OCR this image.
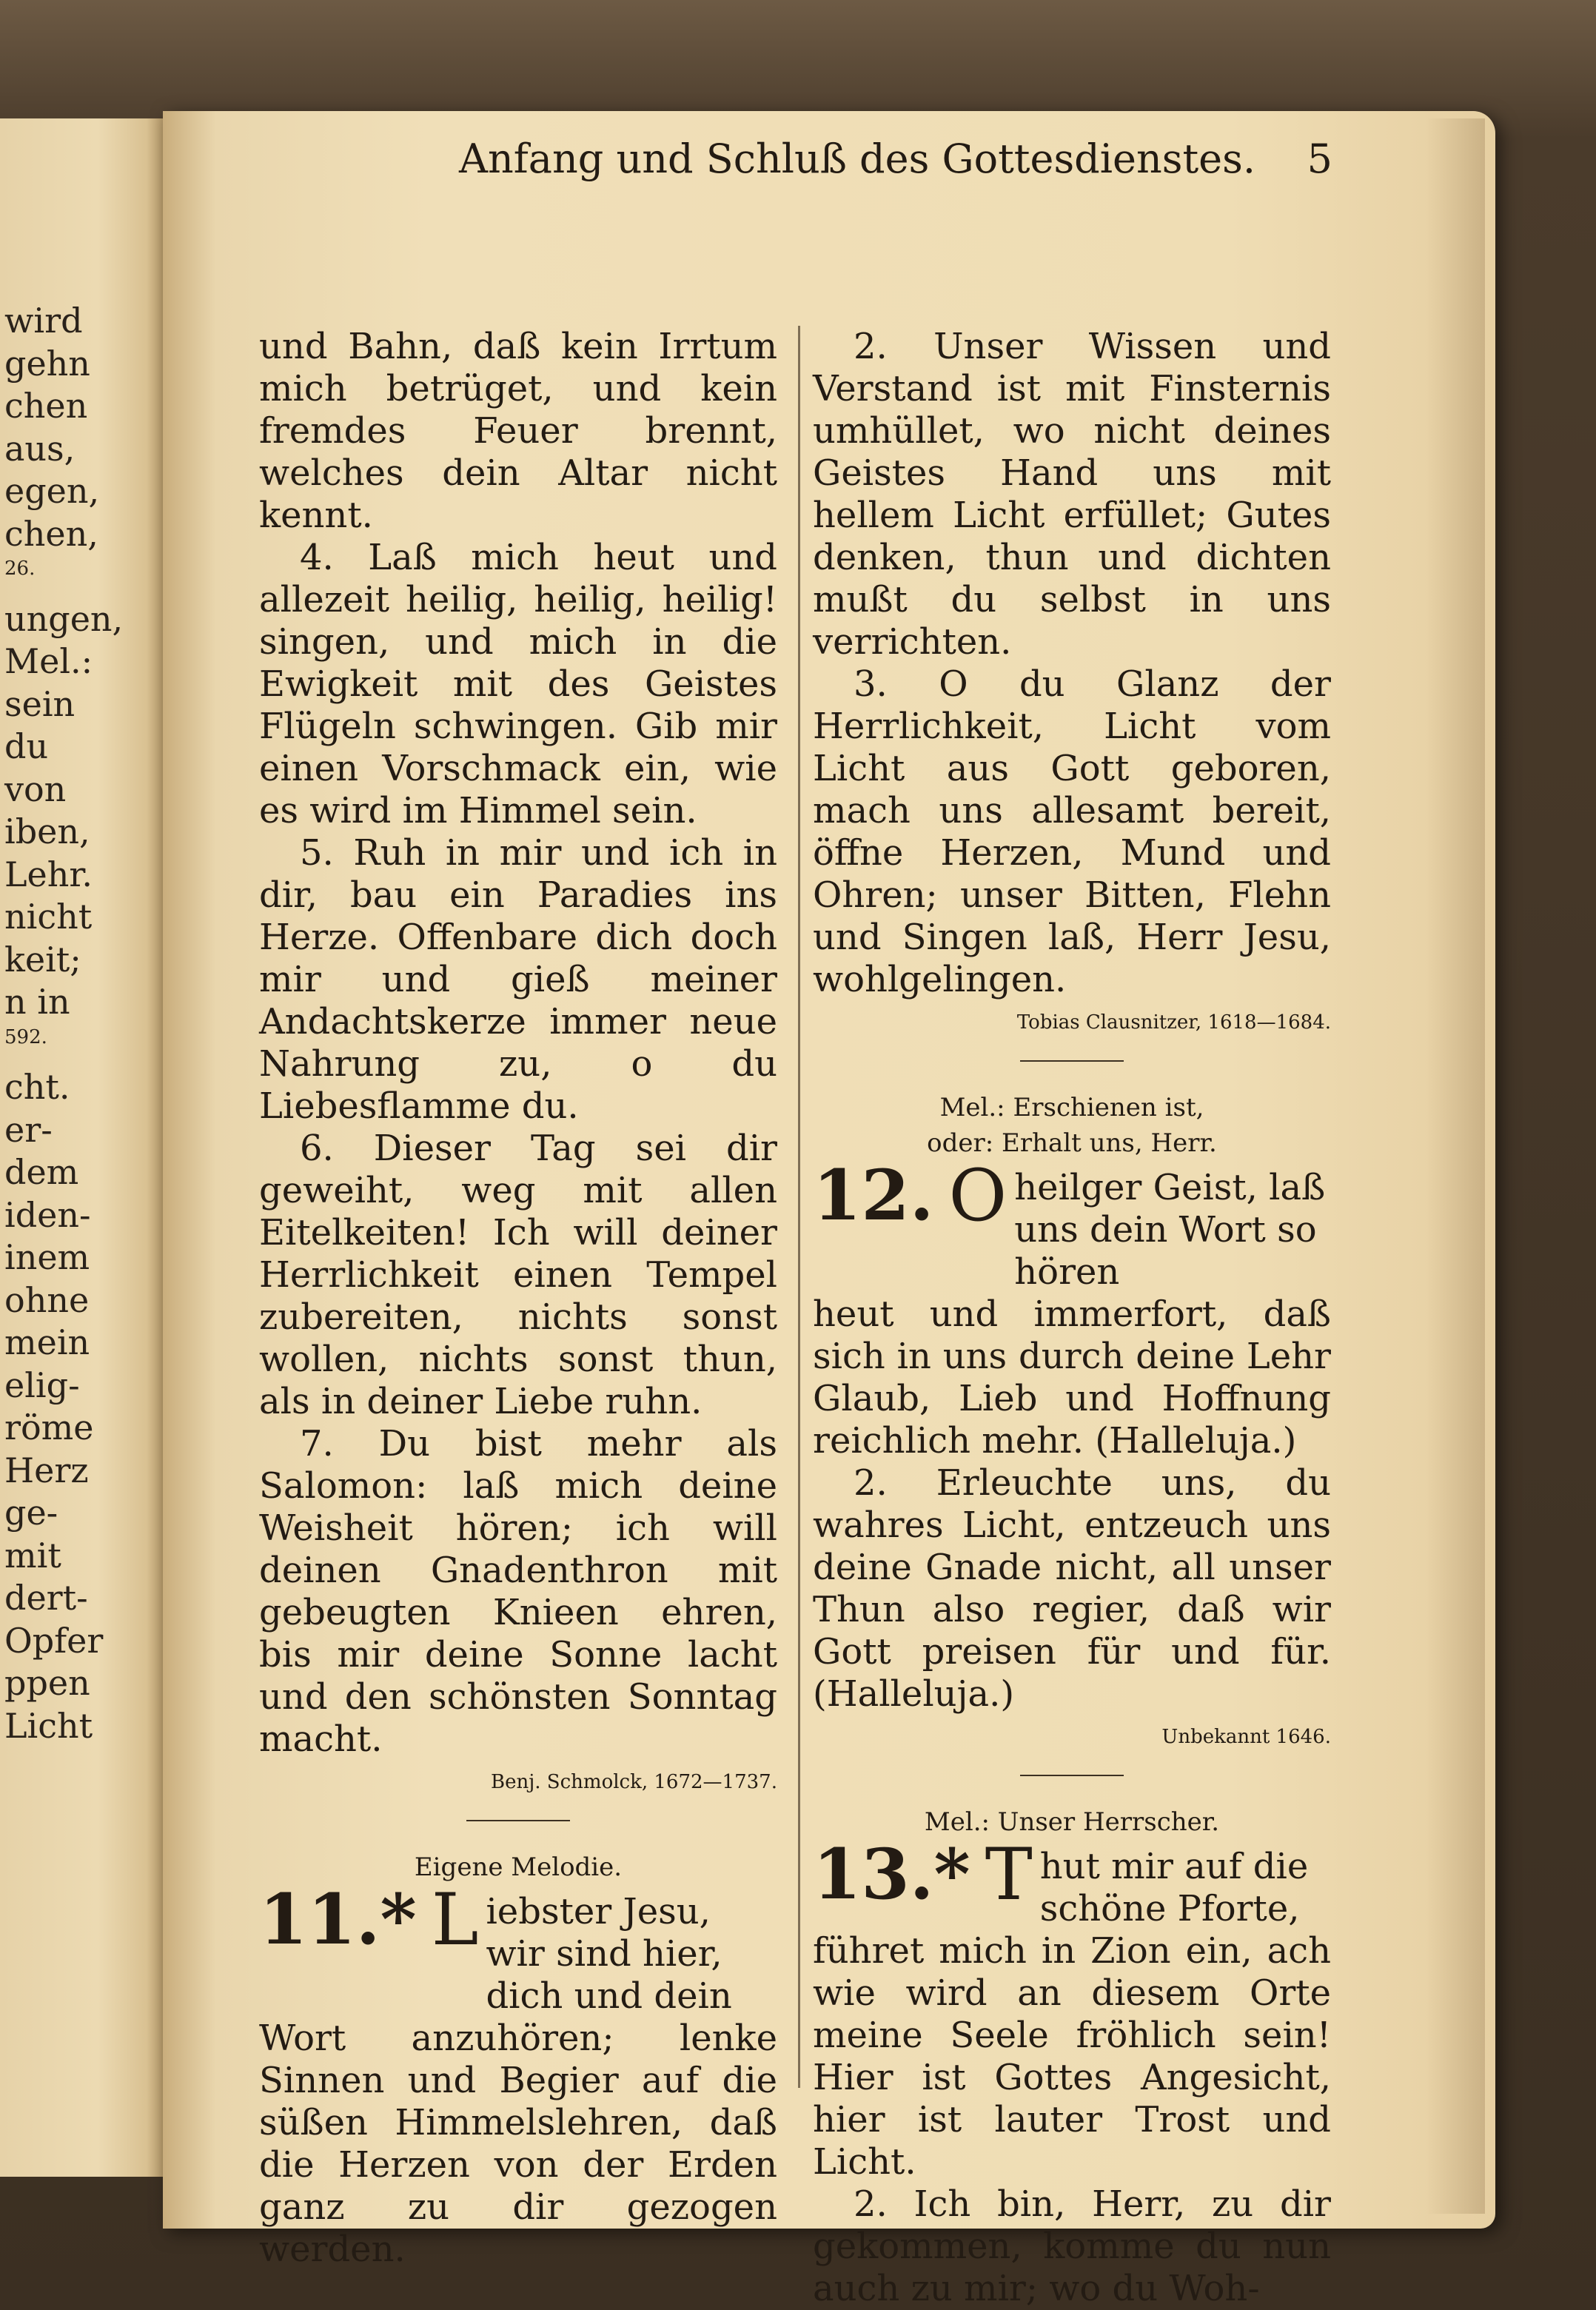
wird
gehn
chen
aus,
egen,
chen,
26.
ungen,
Mel.:
sein
du
von
iben,
Lehr.
nicht
keit;
n in
592.
cht.
er-
dem
iden-
inem
ohne
mein
elig-
röme
Herz
ge-
mit
dert-
Opfer
ppen
Licht
Anfang und Schluß des Gottesdienstes. 5

und Bahn, daß kein Irrtum mich betrüget, und kein fremdes Feuer brennt, welches dein Altar nicht kennt.

4. Laß mich heut und allezeit heilig, heilig, heilig! singen, und mich in die Ewigkeit mit des Geistes Flügeln schwingen. Gib mir einen Vorschmack ein, wie es wird im Himmel sein.

5. Ruh in mir und ich in dir, bau ein Paradies ins Herze. Offenbare dich doch mir und gieß meiner Andachtskerze immer neue Nahrung zu, o du Liebesflamme du.

6. Dieser Tag sei dir geweiht, weg mit allen Eitelkeiten! Ich will deiner Herrlichkeit einen Tempel zubereiten, nichts sonst wollen, nichts sonst thun, als in deiner Liebe ruhn.

7. Du bist mehr als Salomon: laß mich deine Weisheit hören; ich will deinen Gnadenthron mit gebeugten Knieen ehren, bis mir deine Sonne lacht und den schönsten Sonntag macht.

Benj. Schmolck, 1672—1737.

Eigene Melodie.

11.* L iebster Jesu, wir sind hier, dich und dein

Wort anzuhören; lenke Sinnen und Begier auf die süßen Himmelslehren, daß die Herzen von der Erden ganz zu dir gezogen werden.

2. Unser Wissen und Verstand ist mit Finsternis umhüllet, wo nicht deines Geistes Hand uns mit hellem Licht erfüllet; Gutes denken, thun und dichten mußt du selbst in uns verrichten.

3. O du Glanz der Herrlichkeit, Licht vom Licht aus Gott geboren, mach uns allesamt bereit, öffne Herzen, Mund und Ohren; unser Bitten, Flehn und Singen laß, Herr Jesu, wohlgelingen.

Tobias Clausnitzer, 1618—1684.

Mel.: Erschienen ist,

oder: Erhalt uns, Herr.

12. O heilger Geist, laß uns dein Wort so hören

heut und immerfort, daß sich in uns durch deine Lehr Glaub, Lieb und Hoffnung reichlich mehr. (Halleluja.)

2. Erleuchte uns, du wahres Licht, entzeuch uns deine Gnade nicht, all unser Thun also regier, daß wir Gott preisen für und für. (Halleluja.)

Unbekannt 1646.

Mel.: Unser Herrscher.

13.* T hut mir auf die schöne Pforte,

führet mich in Zion ein, ach wie wird an diesem Orte meine Seele fröhlich sein! Hier ist Gottes Angesicht, hier ist lauter Trost und Licht.

2. Ich bin, Herr, zu dir gekommen, komme du nun auch zu mir; wo du Woh-
